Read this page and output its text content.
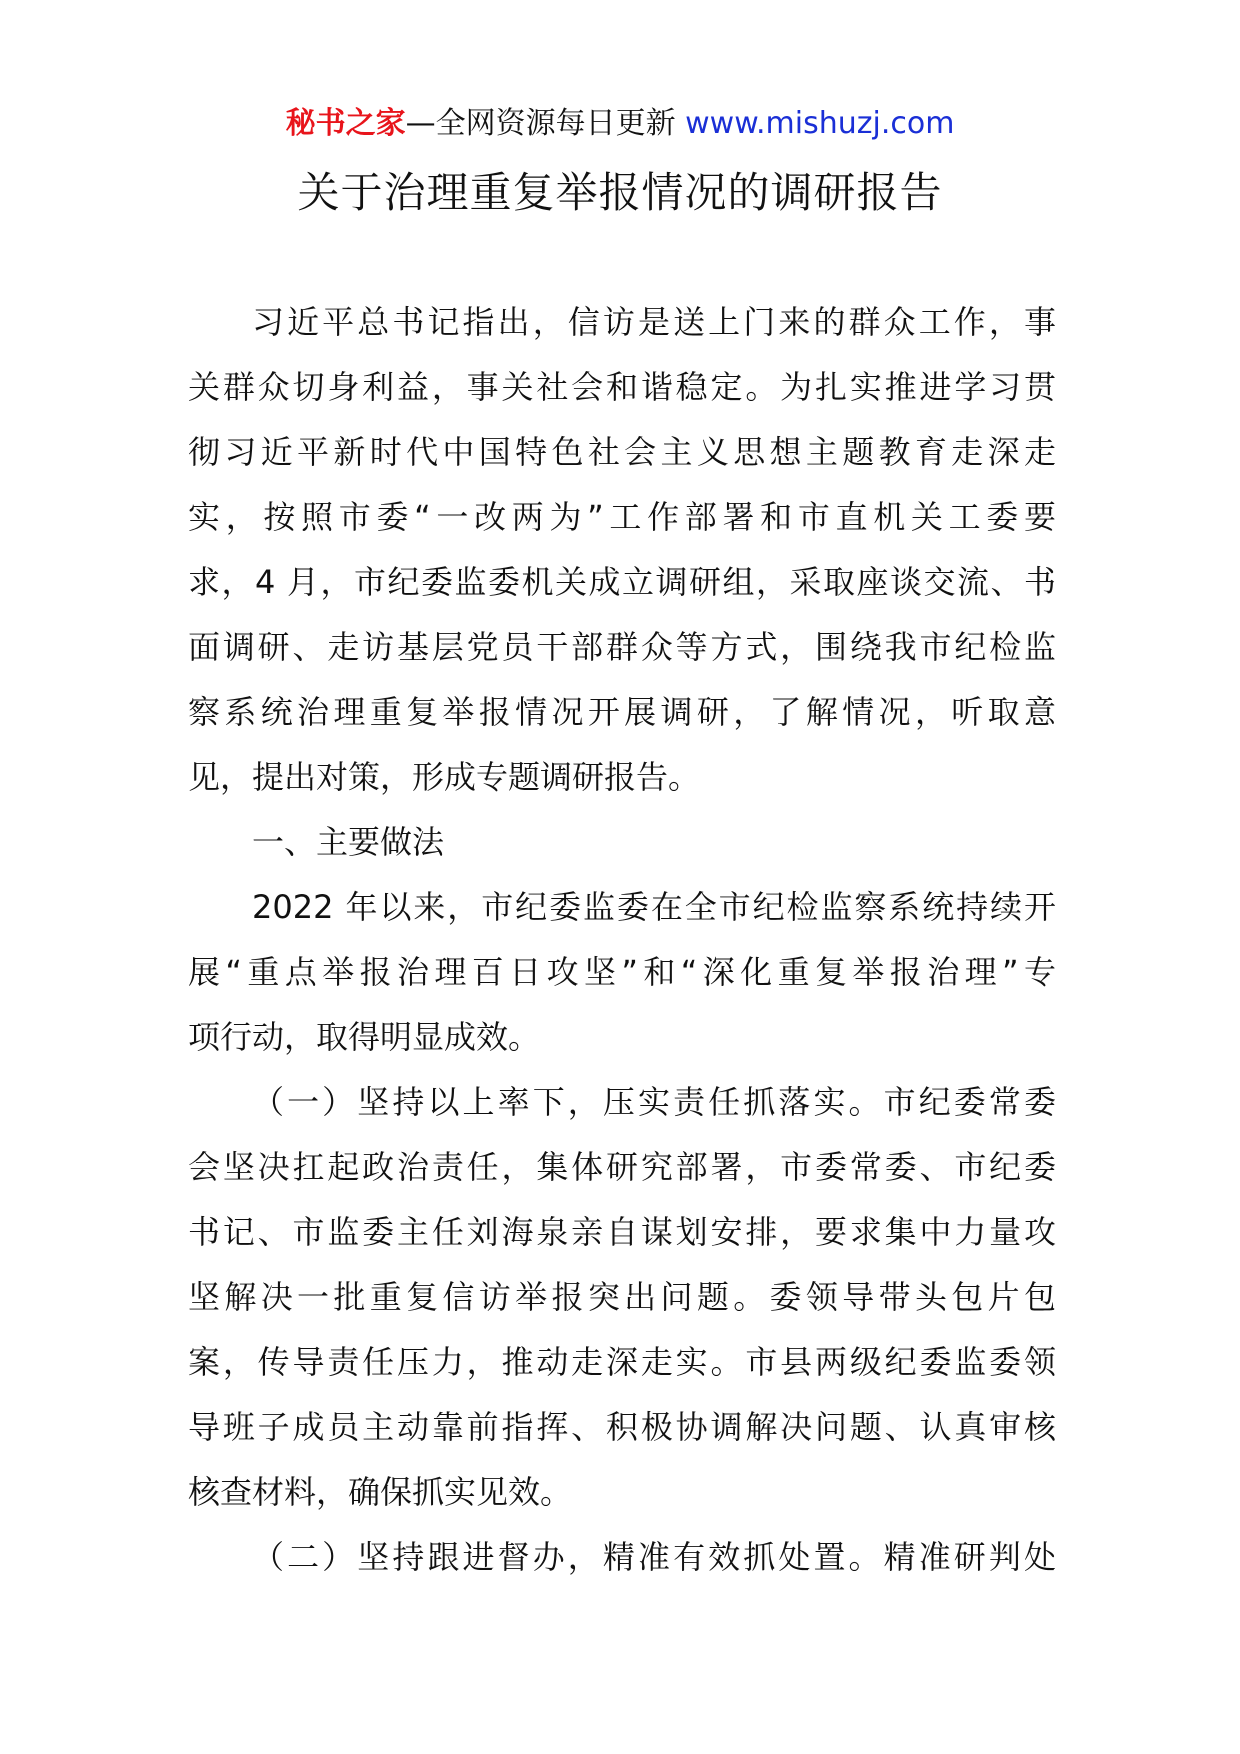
秘书之家—全网资源每日更新 www.mishuzj.com
关于治理重复举报情况的调研报告
习近平总书记指出，信访是送上门来的群众工作，事
关群众切身利益，事关社会和谐稳定。为扎实推进学习贯
彻习近平新时代中国特色社会主义思想主题教育走深走
实，按照市委“一改两为”工作部署和市直机关工委要
求，4 月，市纪委监委机关成立调研组，采取座谈交流、书
面调研、走访基层党员干部群众等方式，围绕我市纪检监
察系统治理重复举报情况开展调研，了解情况，听取意
见，提出对策，形成专题调研报告。
一、主要做法
2022 年以来，市纪委监委在全市纪检监察系统持续开
展“重点举报治理百日攻坚”和“深化重复举报治理”专
项行动，取得明显成效。
（一）坚持以上率下，压实责任抓落实。市纪委常委
会坚决扛起政治责任，集体研究部署，市委常委、市纪委
书记、市监委主任刘海泉亲自谋划安排，要求集中力量攻
坚解决一批重复信访举报突出问题。委领导带头包片包
案，传导责任压力，推动走深走实。市县两级纪委监委领
导班子成员主动靠前指挥、积极协调解决问题、认真审核
核查材料，确保抓实见效。
（二）坚持跟进督办，精准有效抓处置。精准研判处
